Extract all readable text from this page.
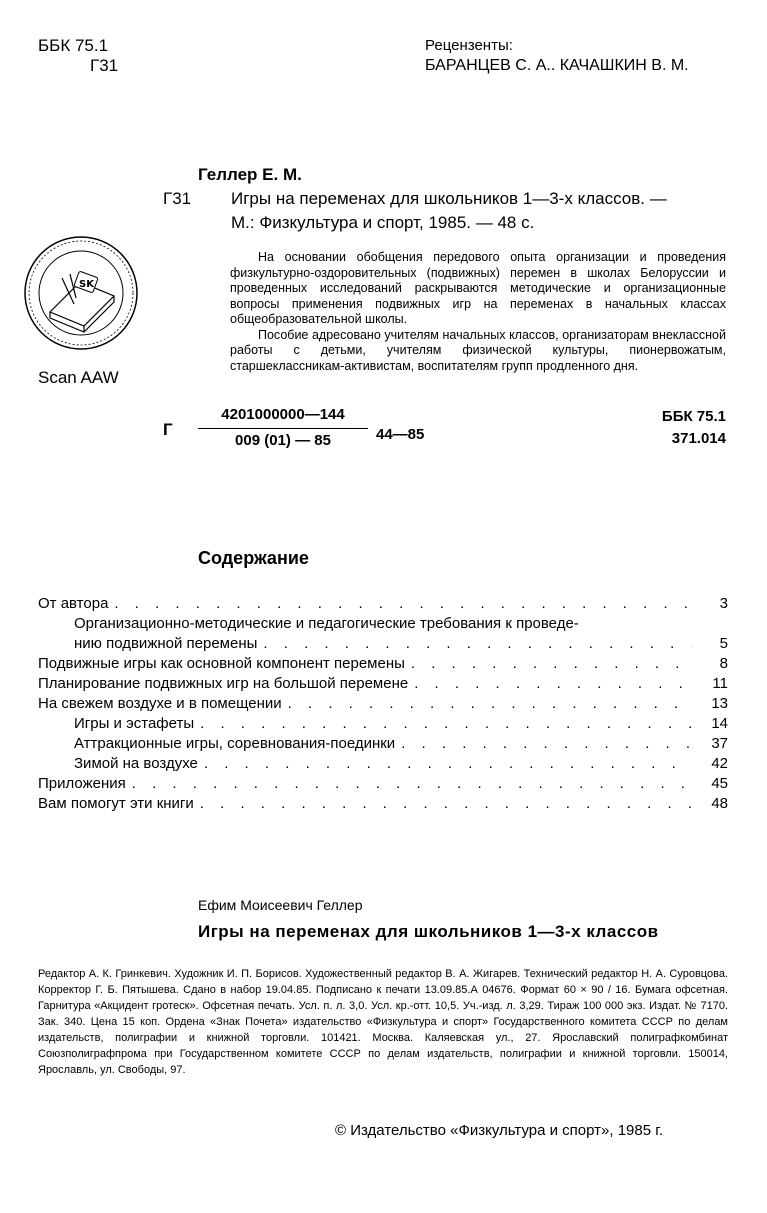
ББК 75.1
Г31
Рецензенты:
БАРАНЦЕВ С. А.. КАЧАШКИН В. М.
Геллер Е. М.
Г31 Игры на переменах для школьников 1—3-х классов. —
М.: Физкультура и спорт, 1985. — 48 с.
SK
Scan AAW

На основании обобщения передового опыта организации и проведения физкультурно-оздоровительных (подвижных) перемен в школах Белоруссии и проведенных исследований раскрываются методические и организационные вопросы применения подвижных игр на переменах в начальных классах общеобразовательной школы.

Пособие адресовано учителям начальных классов, организаторам внеклассной работы с детьми, учителям физической культуры, пионервожатым, старшеклассникам-активистам, воспитателям групп продленного дня.

Г
4201000000—144
009 (01) — 85	44—85
ББК 75.1
371.014
Содержание
От автора . . .	3
Организационно-методические и педагогические требования к проведе-
нию подвижной перемены . . .	5
Подвижные игры как основной компонент перемены . . .	8
Планирование подвижных игр на большой перемене . . .	11
На свежем воздухе и в помещении . . .	13
Игры и эстафеты . . .	14
Аттракционные игры, соревнования-поединки . . .	37
Зимой на воздухе . . .	42
Приложения . . .	45
Вам помогут эти книги . . .	48
Ефим Моисеевич Геллер
Игры на переменах для школьников 1—3-х классов
Редактор А. К. Гринкевич. Художник И. П. Борисов. Художественный редактор В. А. Жигарев. Технический редактор Н. А. Суровцова. Корректор Г. Б. Пятышева. Сдано в набор 19.04.85. Подписано к печати 13.09.85.А 04676. Формат 60 × 90 / 16. Бумага офсетная. Гарнитура «Акцидент гротеск». Офсетная печать. Усл. п. л. 3,0. Усл. кр.-отт. 10,5. Уч.-изд. л. 3,29. Тираж 100 000 экз. Издат. № 7170. Зак. 340. Цена 15 коп. Ордена «Знак Почета» издательство «Физкультура и спорт» Государственного комитета СССР по делам издательств, полиграфии и книжной торговли. 101421. Москва. Каляевская ул., 27. Ярославский полиграфкомбинат Союзполиграфпрома при Государственном комитете СССР по делам издательств, полиграфии и книжной торговли. 150014, Ярославль, ул. Свободы, 97.
© Издательство «Физкультура и спорт», 1985 г.
